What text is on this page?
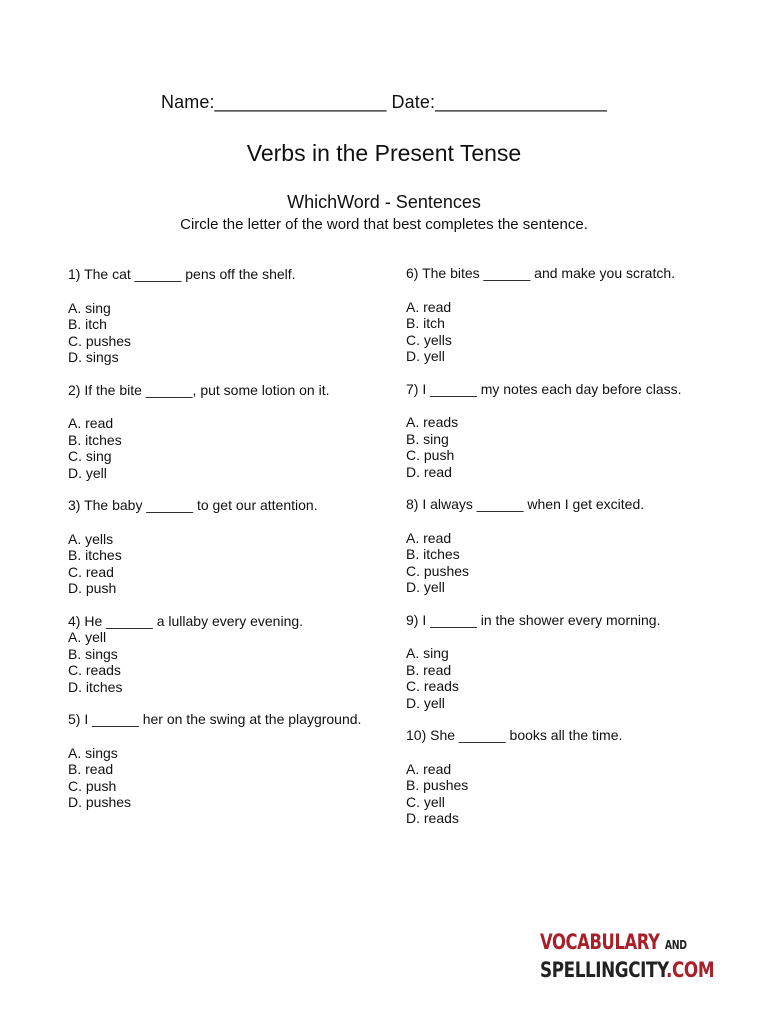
Name:_________________ Date:_________________
Verbs in the Present Tense
WhichWord - Sentences
Circle the letter of the word that best completes the sentence.
1) The cat ______ pens off the shelf.
A. sing
B. itch
C. pushes
D. sings
2) If the bite ______, put some lotion on it.
A. read
B. itches
C. sing
D. yell
3) The baby ______ to get our attention.
A. yells
B. itches
C. read
D. push
4) He ______ a lullaby every evening.
A. yell
B. sings
C. reads
D. itches
5) I ______ her on the swing at the playground.
A. sings
B. read
C. push
D. pushes
6) The bites ______ and make you scratch.
A. read
B. itch
C. yells
D. yell
7) I ______ my notes each day before class.
A. reads
B. sing
C. push
D. read
8) I always ______ when I get excited.
A. read
B. itches
C. pushes
D. yell
9) I ______ in the shower every morning.
A. sing
B. read
C. reads
D. yell
10) She ______ books all the time.
A. read
B. pushes
C. yell
D. reads
VOCABULARY AND
SPELLINGCITY.COM
